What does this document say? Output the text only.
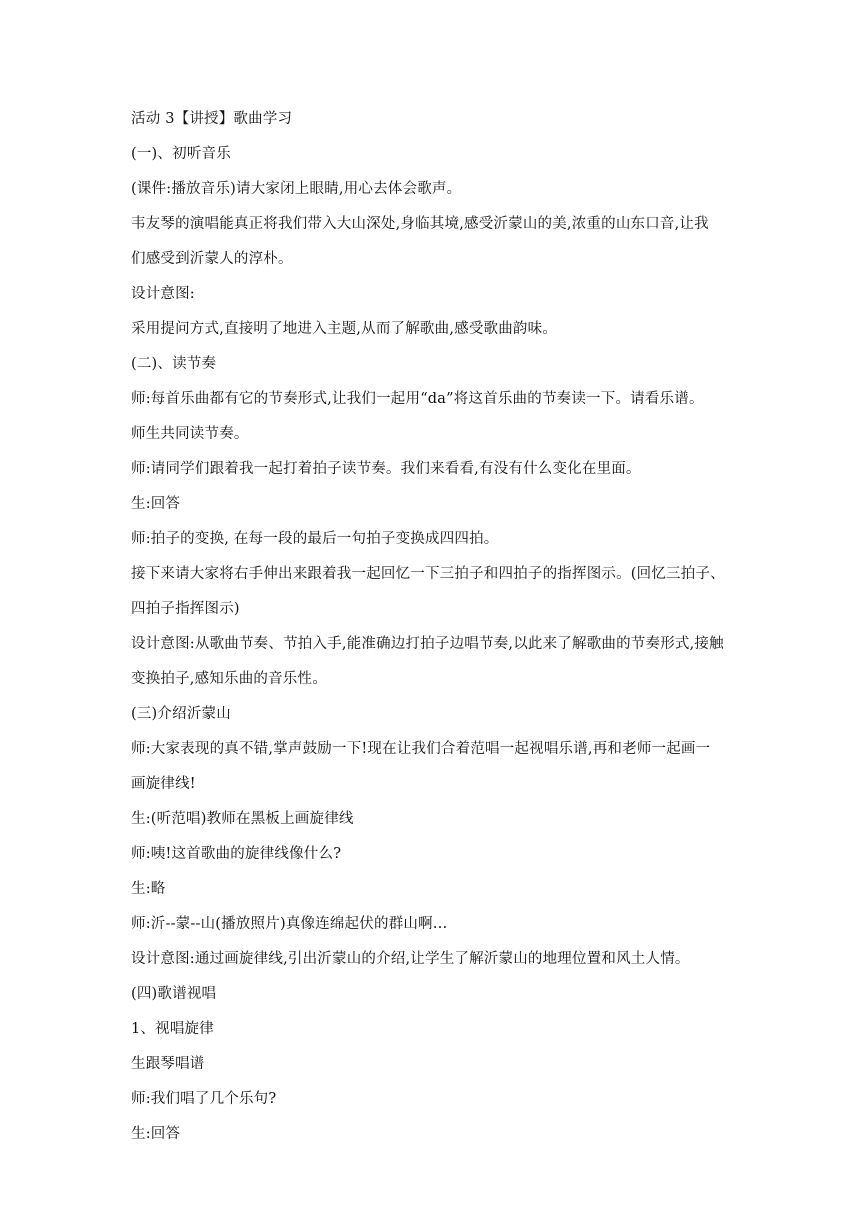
活动 3【讲授】歌曲学习
(一)、初听音乐
(课件:播放音乐)请大家闭上眼睛,用心去体会歌声。
韦友琴的演唱能真正将我们带入大山深处,身临其境,感受沂蒙山的美,浓重的山东口音,让我
们感受到沂蒙人的淳朴。
设计意图:
采用提问方式,直接明了地进入主题,从而了解歌曲,感受歌曲韵味。
(二)、读节奏
师:每首乐曲都有它的节奏形式,让我们一起用“da”将这首乐曲的节奏读一下。请看乐谱。
师生共同读节奏。
师:请同学们跟着我一起打着拍子读节奏。我们来看看,有没有什么变化在里面。
生:回答
师:拍子的变换, 在每一段的最后一句拍子变换成四四拍。
接下来请大家将右手伸出来跟着我一起回忆一下三拍子和四拍子的指挥图示。(回忆三拍子、
四拍子指挥图示)
设计意图:从歌曲节奏、节拍入手,能准确边打拍子边唱节奏,以此来了解歌曲的节奏形式,接触
变换拍子,感知乐曲的音乐性。
(三)介绍沂蒙山
师:大家表现的真不错,掌声鼓励一下!现在让我们合着范唱一起视唱乐谱,再和老师一起画一
画旋律线!
生:(听范唱)教师在黑板上画旋律线
师:咦!这首歌曲的旋律线像什么?
生:略
师:沂--蒙--山(播放照片)真像连绵起伏的群山啊…
设计意图:通过画旋律线,引出沂蒙山的介绍,让学生了解沂蒙山的地理位置和风土人情。
(四)歌谱视唱
1、视唱旋律
生跟琴唱谱
师:我们唱了几个乐句?
生:回答
